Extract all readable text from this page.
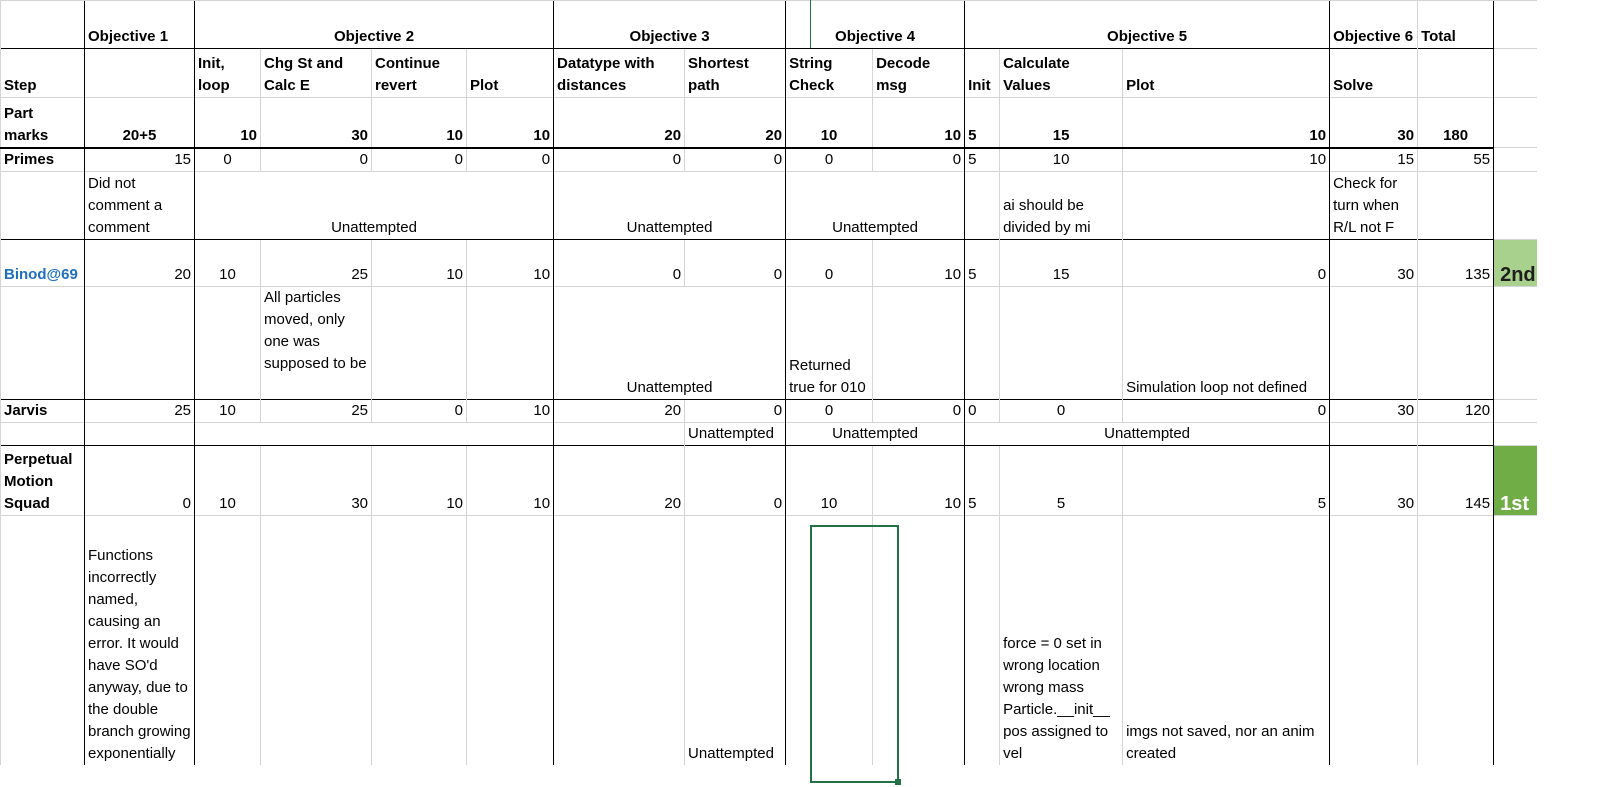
	Objective 1	Objective 2				Objective 3		Objective 4		Objective 5			Objective 6	Total	
Step		Init, loop	Chg St and Calc E	Continue revert	Plot	Datatype with distances	Shortest path	String Check	Decode msg	Init	Calculate Values	Plot	Solve		
Part marks	20+5	10	30	10	10	20	20	10	10	5	15	10	30	180	
Primes	15	0	0	0	0	0	0	0	0	5	10	10	15	55	
	Did not comment a comment	Unattempted				Unattempted		Unattempted			ai should be divided by mi		Check for turn when R/L not F		
Binod@69	20	10	25	10	10	0	0	0	10	5	15	0	30	135	2nd
			All particles moved, only one was supposed to be			Unattempted		Returned true for 010				Simulation loop not defined			
Jarvis	25	10	25	0	10	20	0	0	0	0	0	0	30	120	
							Unattempted	Unattempted		Unattempted					
Perpetual Motion Squad	0	10	30	10	10	20	0	10	10	5	5	5	30	145	1st
	Functions incorrectly named, causing an error. It would have SO'd anyway, due to the double branch growing exponentially						Unattempted				force = 0 set in wrong location wrong mass Particle.__init__ pos assigned to vel	imgs not saved, nor an anim created			
